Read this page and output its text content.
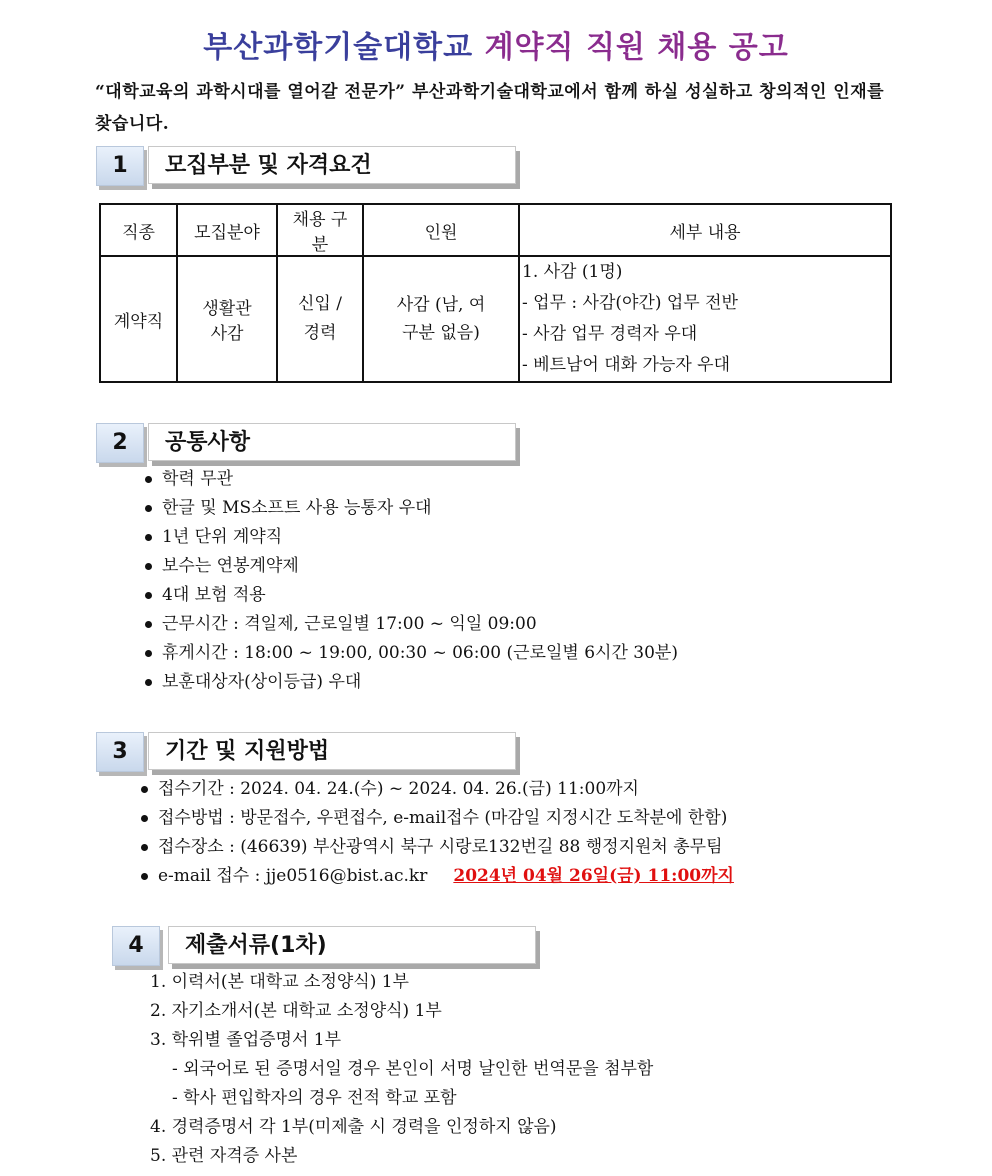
부산과학기술대학교 계약직 직원 채용 공고
“대학교육의 과학시대를 열어갈 전문가” 부산과학기술대학교에서 함께 하실 성실하고 창의적인 인재를 찾습니다.
1	모집부분 및 자격요건
직종	모집분야	채용 구분	인원	세부 내용
계약직	생활관 사감	신입 / 경력	사감 (남, 여 구분 없음)	1. 사감 (1명)
- 업무 : 사감(야간) 업무 전반
- 사감 업무 경력자 우대
- 베트남어 대화 가능자 우대
2	공통사항
학력 무관
한글 및 MS소프트 사용 능통자 우대
1년 단위 계약직
보수는 연봉계약제
4대 보험 적용
근무시간 : 격일제, 근로일별 17:00 ~ 익일 09:00
휴게시간 : 18:00 ~ 19:00, 00:30 ~ 06:00 (근로일별 6시간 30분)
보훈대상자(상이등급) 우대
3	기간 및 지원방법
접수기간 : 2024. 04. 24.(수) ~ 2024. 04. 26.(금) 11:00까지
접수방법 : 방문접수, 우편접수, e-mail접수 (마감일 지정시간 도착분에 한함)
접수장소 : (46639) 부산광역시 북구 시랑로132번길 88 행정지원처 총무팀
e-mail 접수 : jje0516@bist.ac.kr 2024년 04월 26일(금) 11:00까지
4	제출서류(1차)
1. 이력서(본 대학교 소정양식) 1부
2. 자기소개서(본 대학교 소정양식) 1부
3. 학위별 졸업증명서 1부
- 외국어로 된 증명서일 경우 본인이 서명 날인한 번역문을 첨부함
- 학사 편입학자의 경우 전적 학교 포함
4. 경력증명서 각 1부(미제출 시 경력을 인정하지 않음)
5. 관련 자격증 사본
